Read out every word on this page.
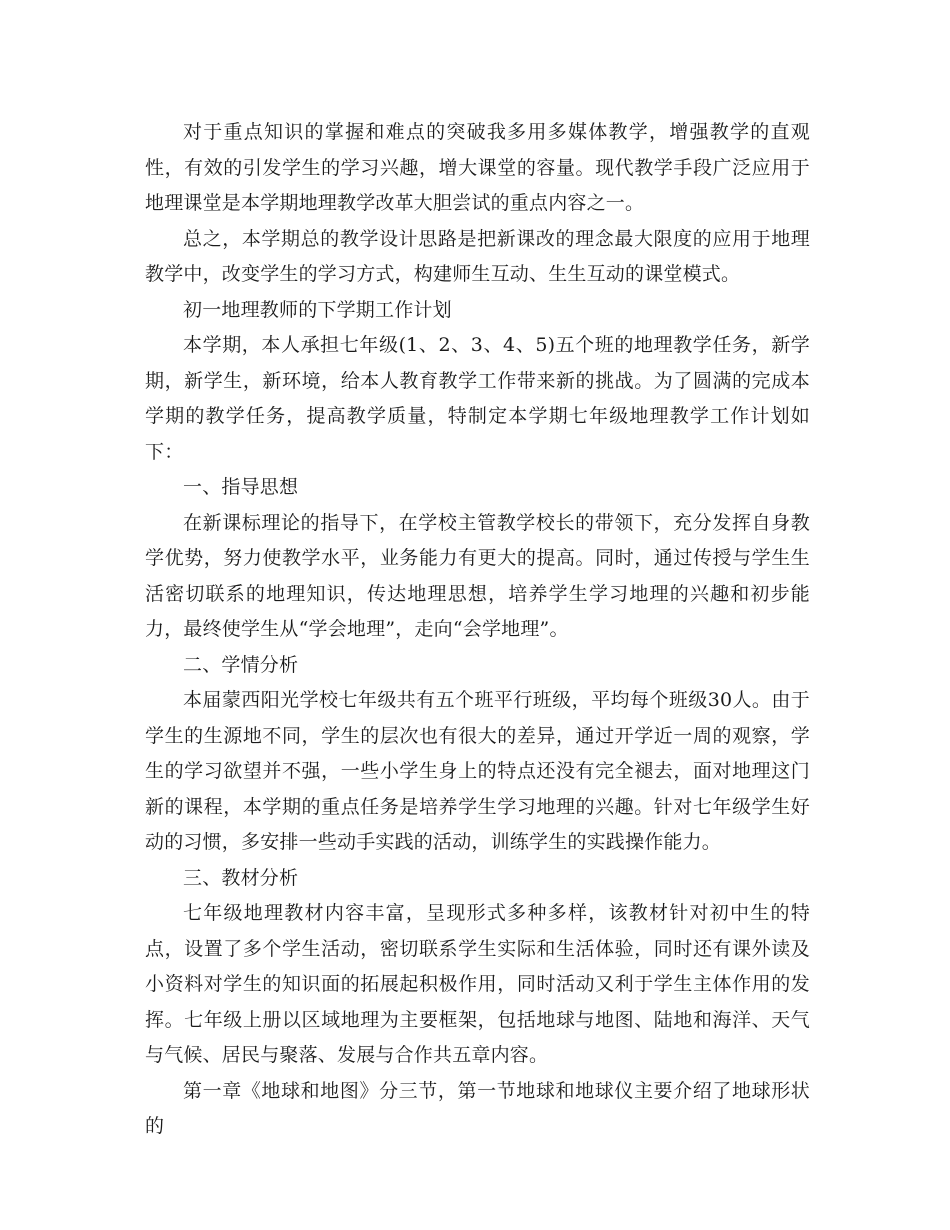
对于重点知识的掌握和难点的突破我多用多媒体教学，增强教学的直观性，有效的引发学生的学习兴趣，增大课堂的容量。现代教学手段广泛应用于地理课堂是本学期地理教学改革大胆尝试的重点内容之一。

总之，本学期总的教学设计思路是把新课改的理念最大限度的应用于地理教学中，改变学生的学习方式，构建师生互动、生生互动的课堂模式。

初一地理教师的下学期工作计划

本学期，本人承担七年级(1、2、3、4、5)五个班的地理教学任务，新学期，新学生，新环境，给本人教育教学工作带来新的挑战。为了圆满的完成本学期的教学任务，提高教学质量，特制定本学期七年级地理教学工作计划如下：

一、指导思想

在新课标理论的指导下，在学校主管教学校长的带领下，充分发挥自身教学优势，努力使教学水平，业务能力有更大的提高。同时，通过传授与学生生活密切联系的地理知识，传达地理思想，培养学生学习地理的兴趣和初步能力，最终使学生从“学会地理”，走向“会学地理”。

二、学情分析

本届蒙西阳光学校七年级共有五个班平行班级，平均每个班级30人。由于学生的生源地不同，学生的层次也有很大的差异，通过开学近一周的观察，学生的学习欲望并不强，一些小学生身上的特点还没有完全褪去，面对地理这门新的课程，本学期的重点任务是培养学生学习地理的兴趣。针对七年级学生好动的习惯，多安排一些动手实践的活动，训练学生的实践操作能力。

三、教材分析

七年级地理教材内容丰富，呈现形式多种多样，该教材针对初中生的特点，设置了多个学生活动，密切联系学生实际和生活体验，同时还有课外读及小资料对学生的知识面的拓展起积极作用，同时活动又利于学生主体作用的发挥。七年级上册以区域地理为主要框架，包括地球与地图、陆地和海洋、天气与气候、居民与聚落、发展与合作共五章内容。

第一章《地球和地图》分三节，第一节地球和地球仪主要介绍了地球形状的
